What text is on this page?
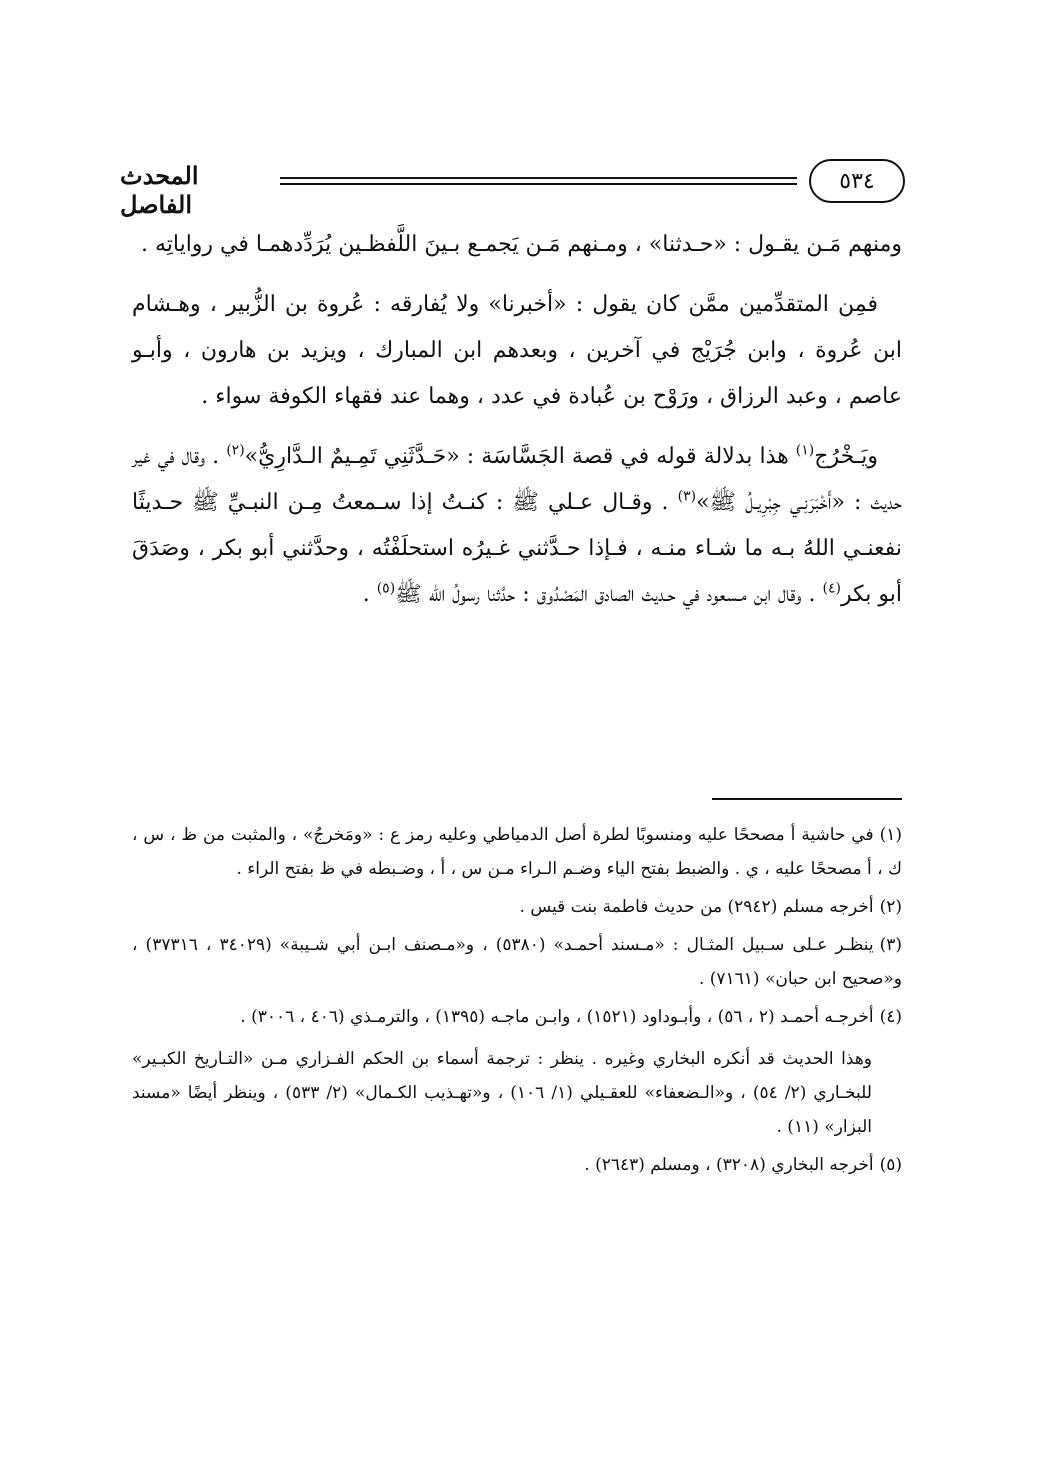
٥٣٤
المحدث الفاصل

ومنهم مَـن يقـول : «حـدثنا» ، ومـنهم مَـن يَجمـع بـينَ اللَّفظـين يُرَدِّدهمـا في رواياتِه .

فمِن المتقدِّمين ممَّن كان يقول : «أخبرنا» ولا يُفارقه : عُروة بن الزُّبير ، وهـشام ابن عُروة ، وابن جُرَيْج في آخرين ، وبعدهم ابن المبارك ، ويزيد بن هارون ، وأبـو عاصم ، وعبد الرزاق ، ورَوْح بن عُبادة في عدد ، وهما عند فقهاء الكوفة سواء .

ويَـخْرُج$^{(١)}$ هذا بدلالة قوله في قصة الجَسَّاسَة : «حَـدَّثَنِي تَمِـيمٌ الـدَّارِيُّ»$^{(٢)}$ . وقال في غير حديث : «أَخْبَرَنِـي جِبْرِيـلُ ﷺ»$^{(٣)}$ . وقـال عـلي ﷺ : كنـتُ إذا سـمعتُ مِـن النبـيِّ ﷺ حـديثًا نفعنـي اللهُ بـه ما شـاء منـه ، فـإذا حـدَّثني غـيرُه استحلَفْتُه ، وحدَّثني أبو بكر ، وصَدَقَ أبو بكر$^{(٤)}$ . وقال ابن مـسعود في حـديث الصادق المَصْدُوق : حدَّثنا رسولُ الله ﷺ$^{(٥)}$ .

(١)في حاشية أ مصححًا عليه ومنسوبًا لطرة أصل الدمياطي وعليه رمز ع : «ومَخرجُ» ، والمثبت من ظ ، س ، ك ، أ مصححًا عليه ، ي . والضبط بفتح الياء وضـم الـراء مـن س ، أ ، وضـبطه في ظ بفتح الراء .
(٢)أخرجه مسلم (٢٩٤٢) من حديث فاطمة بنت قيس .
(٣)ينظـر عـلى سـبيل المثـال : «مـسند أحمـد» (٥٣٨٠) ، و«مـصنف ابـن أبي شـيبة» (٣٤٠٢٩ ، ٣٧٣١٦) ، و«صحيح ابن حبان» (٧١٦١) .
(٤)أخرجـه أحمـد (٢ ، ٥٦) ، وأبـوداود (١٥٢١) ، وابـن ماجـه (١٣٩٥) ، والترمـذي (٤٠٦ ، ٣٠٠٦) .
وهذا الحديث قد أنكره البخاري وغيره . ينظر : ترجمة أسماء بن الحكم الفـزاري مـن «التـاريخ الكبـير» للبخـاري (٢/ ٥٤) ، و«الـضعفاء» للعقـيلي (١/ ١٠٦) ، و«تهـذيب الكـمال» (٢/ ٥٣٣) ، وينظر أيضًا «مسند البزار» (١١) .
(٥)أخرجه البخاري (٣٢٠٨) ، ومسلم (٢٦٤٣) .
